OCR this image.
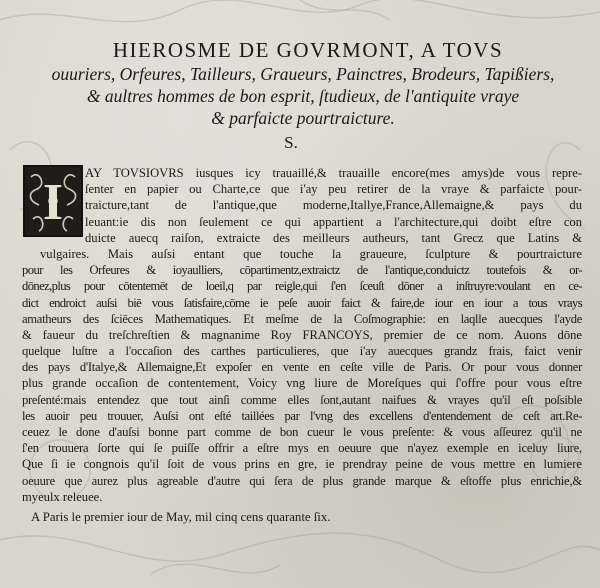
HIEROSME DE GOVRMONT, A TOVS
ouuriers, Orfeures, Tailleurs, Graueurs, Painctres, Brodeurs, Tapißiers,
& aultres hommes de bon esprit, ſtudieux, de l'antiquite vraye
& parfaicte pourtraicture.
S.
AY TOVSIOVRS iusques icy trauaillé,& trauaille encore(mes amys)de vous repre-
ſenter en papier ou Charte,ce que i'ay peu retirer de la vraye & parfaicte pour-
traicture,tant de l'antique,que moderne,Itallye,France,Allemaigne,& pays du
leuant:ie dis non ſeulement ce qui appartient a l'architecture,qui doibt eſtre con
duicte auecq raiſon, extraicte des meilleurs autheurs, tant Grecz que Latins &
vulgaires. Mais auſsi entant que touche la graueure, ſculpture & pourtraicture
pour les Orfeures & ioyaulliers, cōpartimentz,extraictz de l'antique,conduictz toutefois & or-
dōnez,plus pour cōtentemēt de loeil,q par reigle,qui ſ'en ſceuſt dōner a inſtruyre:voulant en ce-
dict endroict auſsi biē vous ſatisfaire,cōme ie peſe auoir faict & faire,de iour en iour a tous vrays
amatheurs des ſciēces Mathematiques. Et meſme de la Coſmographie: en laqlle auecques l'ayde
& faueur du treſchreſtien & magnanime Roy FRANCOYS, premier de ce nom. Auons dōne
quelque luſtre a l'occaſion des carthes particulieres, que i'ay auecques grandz frais, faict venir
des pays d'Italye,& Allemaigne,Et expoſer en vente en ceſte ville de Paris. Or pour vous donner
plus grande occaſion de contentement, Voicy vng liure de Moreſques qui ſ'offre pour vous eſtre
preſenté:mais entendez que tout ainſi comme elles ſont,autant naifues & vrayes qu'il eſt poſsible
les auoir peu trouuer, Auſsi ont eſté taillées par l'vng des excellens d'entendement de ceſt art.Re-
ceuez le done d'auſsi bonne part comme de bon cueur le vous preſente: & vous aſſeurez qu'il ne
ſ'en trouuera ſorte qui ſe puiſſe offrir a eſtre mys en oeuure que n'ayez exemple en iceluy liure,
Que ſi ie congnois qu'il ſoit de vous prins en gre, ie prendray peine de vous mettre en lumiere
oeuure que aurez plus agreable d'autre qui ſera de plus grande marque & eſtoffe plus enrichie,&
myeulx releuee.
I
A Paris le premier iour de May, mil cinq cens quarante ſix.
